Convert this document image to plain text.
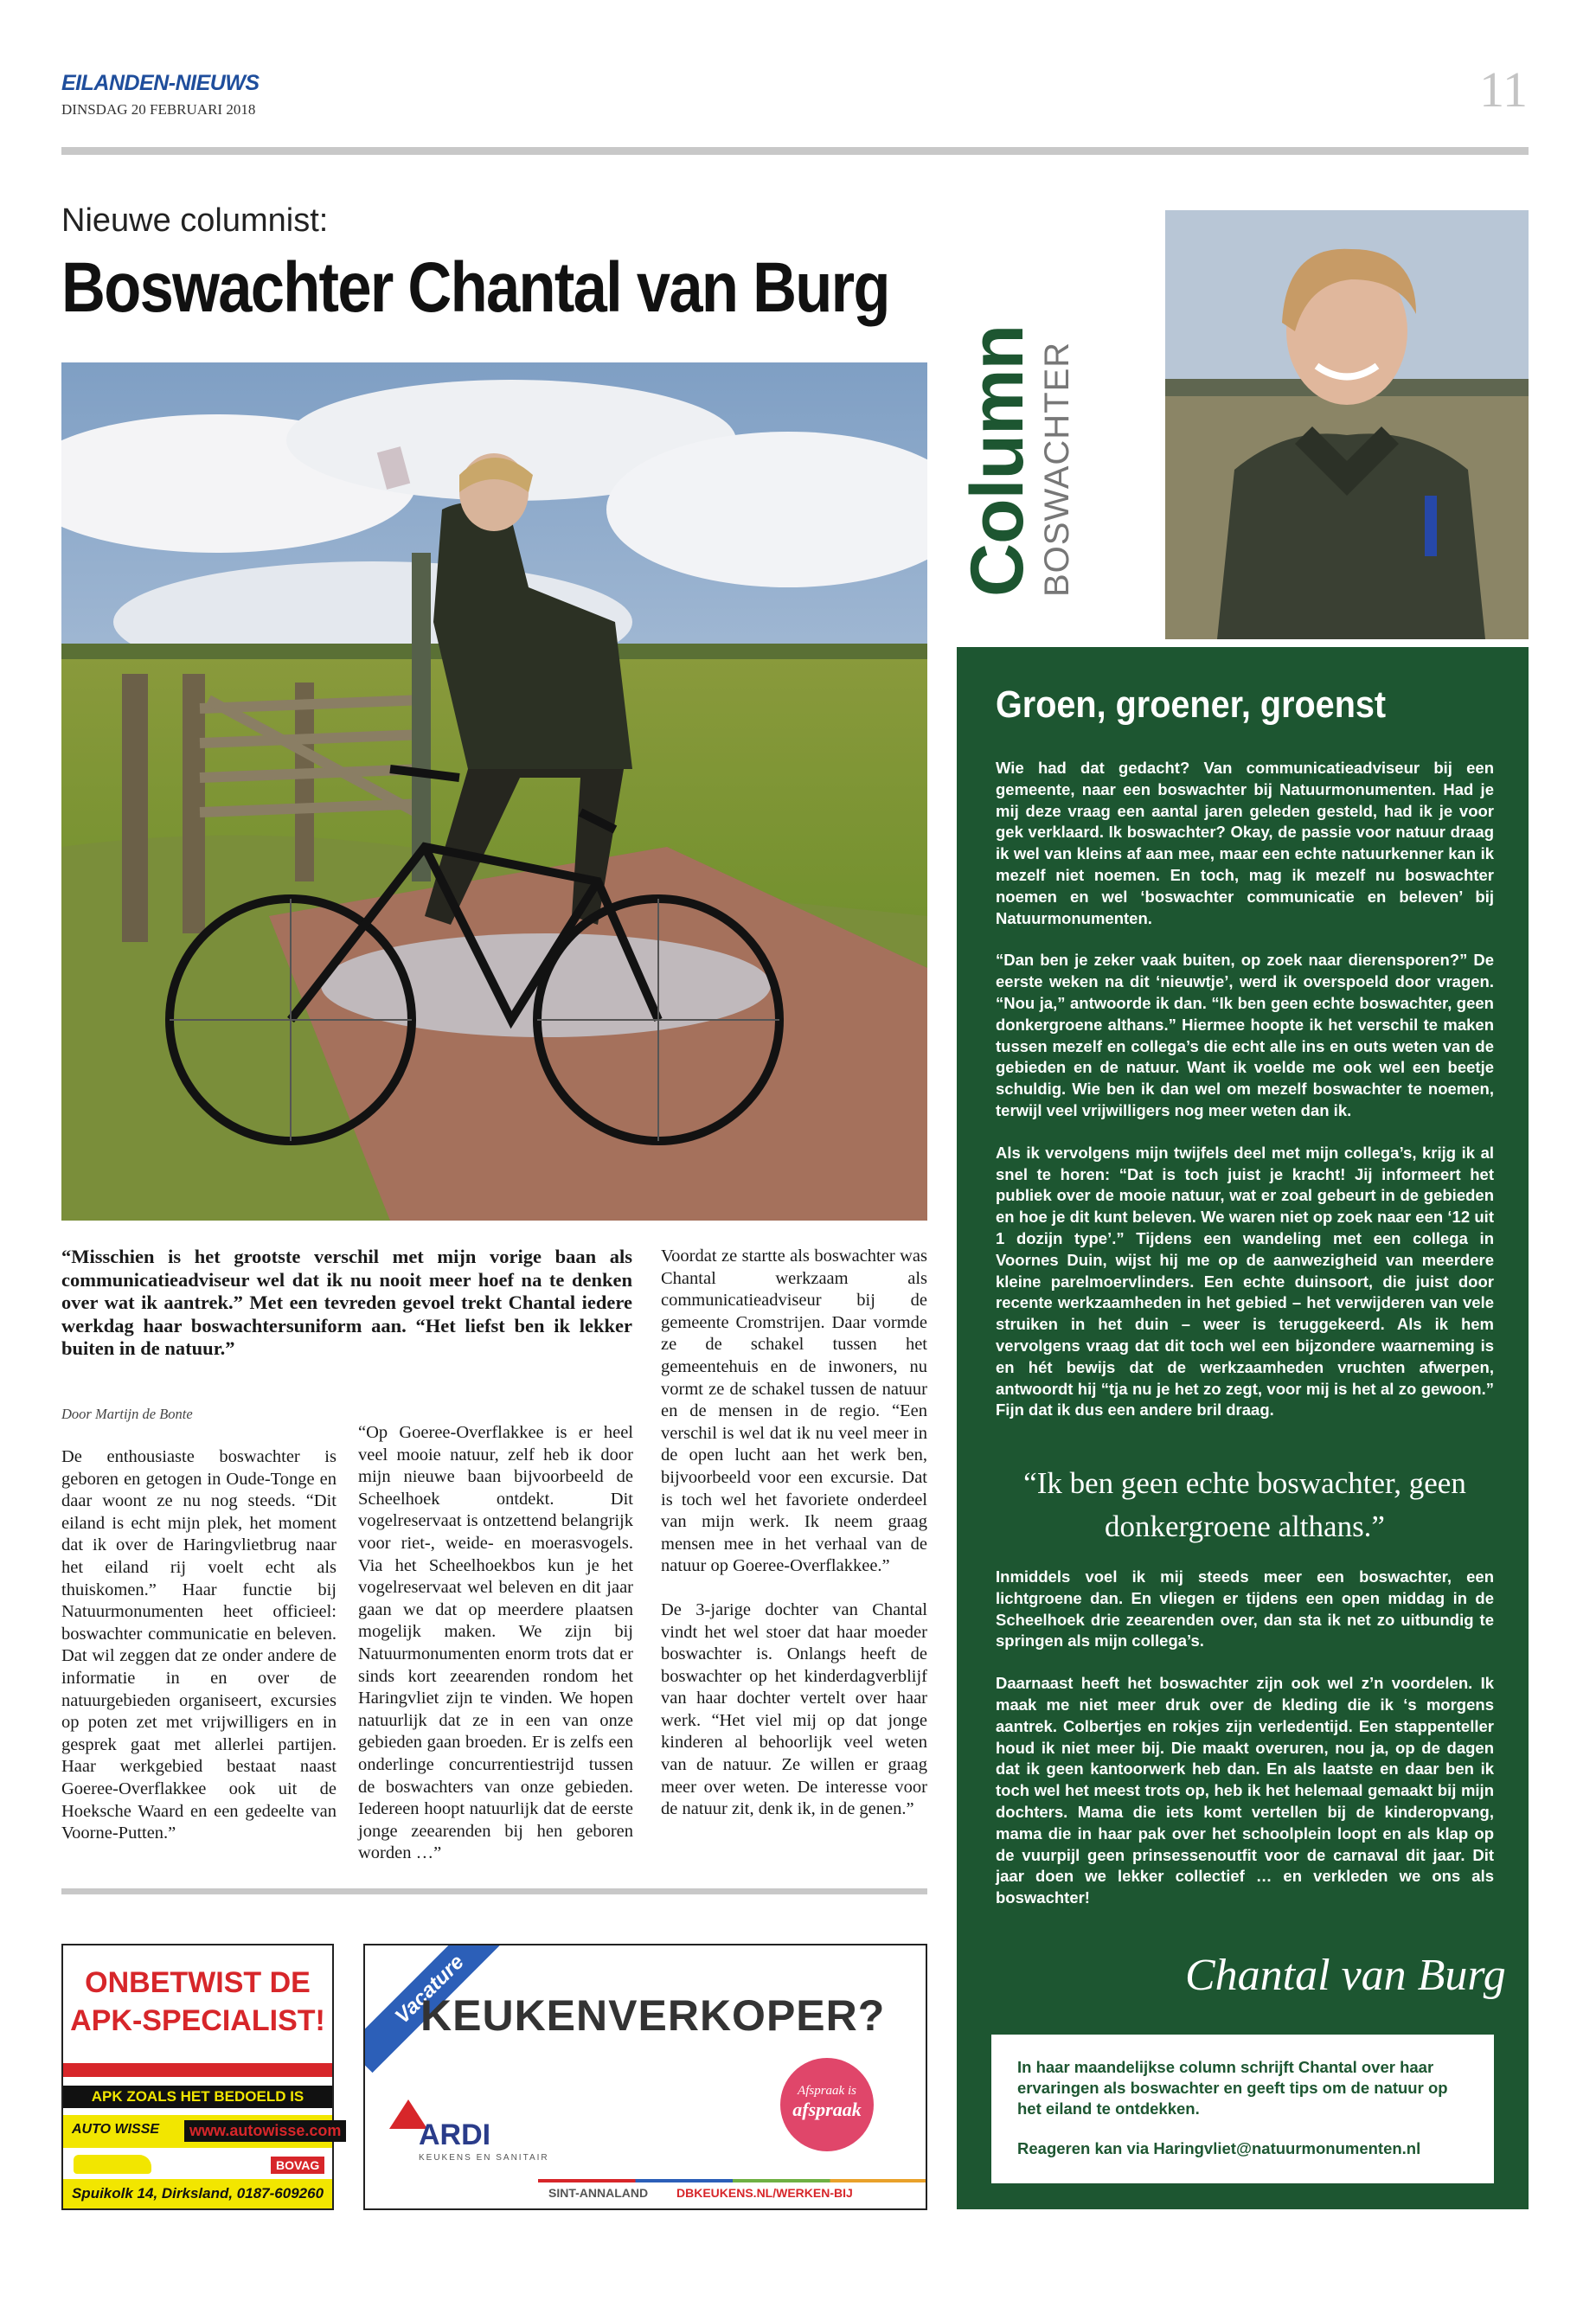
EILANDEN-NIEUWS
DINSDAG 20 FEBRUARI 2018	11
Nieuwe columnist:
Boswachter Chantal van Burg
“Misschien is het grootste verschil met mijn vorige baan als communicatieadviseur wel dat ik nu nooit meer hoef na te denken over wat ik aantrek.” Met een tevreden gevoel trekt Chantal iedere werkdag haar boswachtersuniform aan. “Het liefst ben ik lekker buiten in de natuur.”
Door Martijn de Bonte

De enthousiaste boswachter is geboren en getogen in Oude-Tonge en daar woont ze nu nog steeds. “Dit eiland is echt mijn plek, het moment dat ik over de Haringvlietbrug naar het eiland rij voelt echt als thuiskomen.” Haar functie bij Natuurmonumenten heet officieel: boswachter communicatie en beleven. Dat wil zeggen dat ze onder andere de informatie in en over de natuurgebieden organiseert, excursies op poten zet met vrijwilligers en in gesprek gaat met allerlei partijen. Haar werkgebied bestaat naast Goeree-Overflakkee ook uit de Hoeksche Waard en een gedeelte van Voorne-Putten.”

“Op Goeree-Overflakkee is er heel veel mooie natuur, zelf heb ik door mijn nieuwe baan bijvoorbeeld de Scheelhoek ontdekt. Dit vogelreservaat is ontzettend belangrijk voor riet-, weide- en moerasvogels. Via het Scheelhoekbos kun je het vogelreservaat wel beleven en dit jaar gaan we dat op meerdere plaatsen mogelijk maken. We zijn bij Natuurmonumenten enorm trots dat er sinds kort zeearenden rondom het Haringvliet zijn te vinden. We hopen natuurlijk dat ze in een van onze gebieden gaan broeden. Er is zelfs een onderlinge concurrentiestrijd tussen de boswachters van onze gebieden. Iedereen hoopt natuurlijk dat de eerste jonge zeearenden bij hen geboren worden …”

Voordat ze startte als boswachter was Chantal werkzaam als communicatieadviseur bij de gemeente Cromstrijen. Daar vormde ze de schakel tussen het gemeentehuis en de inwoners, nu vormt ze de schakel tussen de natuur en de mensen in de regio. “Een verschil is wel dat ik nu veel meer in de open lucht aan het werk ben, bijvoorbeeld voor een excursie. Dat is toch wel het favoriete onderdeel van mijn werk. Ik neem graag mensen mee in het verhaal van de natuur op Goeree-Overflakkee.”

De 3-jarige dochter van Chantal vindt het wel stoer dat haar moeder boswachter is. Onlangs heeft de boswachter op het kinderdagverblijf van haar dochter vertelt over haar werk. “Het viel mij op dat jonge kinderen al behoorlijk veel weten van de natuur. Ze willen er graag meer over weten. De interesse voor de natuur zit, denk ik, in de genen.”

Column BOSWACHTER
Groen, groener, groenst

Wie had dat gedacht? Van communicatieadviseur bij een gemeente, naar een boswachter bij Natuurmonumenten. Had je mij deze vraag een aantal jaren geleden gesteld, had ik je voor gek verklaard. Ik boswachter? Okay, de passie voor natuur draag ik wel van kleins af aan mee, maar een echte natuurkenner kan ik mezelf niet noemen. En toch, mag ik mezelf nu boswachter noemen en wel ‘boswachter communicatie en beleven’ bij Natuurmonumenten.

“Dan ben je zeker vaak buiten, op zoek naar dierensporen?” De eerste weken na dit ‘nieuwtje’, werd ik overspoeld door vragen. “Nou ja,” antwoorde ik dan. “Ik ben geen echte boswachter, geen donkergroene althans.” Hiermee hoopte ik het verschil te maken tussen mezelf en collega’s die echt alle ins en outs weten van de gebieden en de natuur. Want ik voelde me ook wel een beetje schuldig. Wie ben ik dan wel om mezelf boswachter te noemen, terwijl veel vrijwilligers nog meer weten dan ik.

Als ik vervolgens mijn twijfels deel met mijn collega’s, krijg ik al snel te horen: “Dat is toch juist je kracht! Jij informeert het publiek over de mooie natuur, wat er zoal gebeurt in de gebieden en hoe je dit kunt beleven. We waren niet op zoek naar een ‘12 uit 1 dozijn type’.” Tijdens een wandeling met een collega in Voornes Duin, wijst hij me op de aanwezigheid van meerdere kleine parelmoervlinders. Een echte duinsoort, die juist door recente werkzaamheden in het gebied – het verwijderen van vele struiken in het duin – weer is teruggekeerd. Als ik hem vervolgens vraag dat dit toch wel een bijzondere waarneming is en hét bewijs dat de werkzaamheden vruchten afwerpen, antwoordt hij “tja nu je het zo zegt, voor mij is het al zo gewoon.” Fijn dat ik dus een andere bril draag.

“Ik ben geen echte boswachter, geen donkergroene althans.”

Inmiddels voel ik mij steeds meer een boswachter, een lichtgroene dan. En vliegen er tijdens een open middag in de Scheelhoek drie zeearenden over, dan sta ik net zo uitbundig te springen als mijn collega’s.

Daarnaast heeft het boswachter zijn ook wel z’n voordelen. Ik maak me niet meer druk over de kleding die ik ‘s morgens aantrek. Colbertjes en rokjes zijn verledentijd. Een stappenteller houd ik niet meer bij. Die maakt overuren, nou ja, op de dagen dat ik geen kantoorwerk heb dan. En als laatste en daar ben ik toch wel het meest trots op, heb ik het helemaal gemaakt bij mijn dochters. Mama die iets komt vertellen bij de kinderopvang, mama die in haar pak over het schoolplein loopt en als klap op de vuurpijl geen prinsessenoutfit voor de carnaval dit jaar. Dit jaar doen we lekker collectief … en verkleden we ons als boswachter!

Chantal van Burg
In haar maandelijkse column schrijft Chantal over haar ervaringen als boswachter en geeft tips om de natuur op het eiland te ontdekken.
Reageren kan via Haringvliet@natuurmonumenten.nl
ONBETWIST DE
APK-SPECIALIST!
APK ZOALS HET BEDOELD IS
AUTO WISSE	www.autowisse.com
BOVAG
Spuikolk 14, Dirksland, 0187-609260
Vacature
KEUKENVERKOPER?
ARDI
KEUKENS EN SANITAIR
Afspraak is
afspraak
SINT-ANNALAND DBKEUKENS.NL/WERKEN-BIJ
